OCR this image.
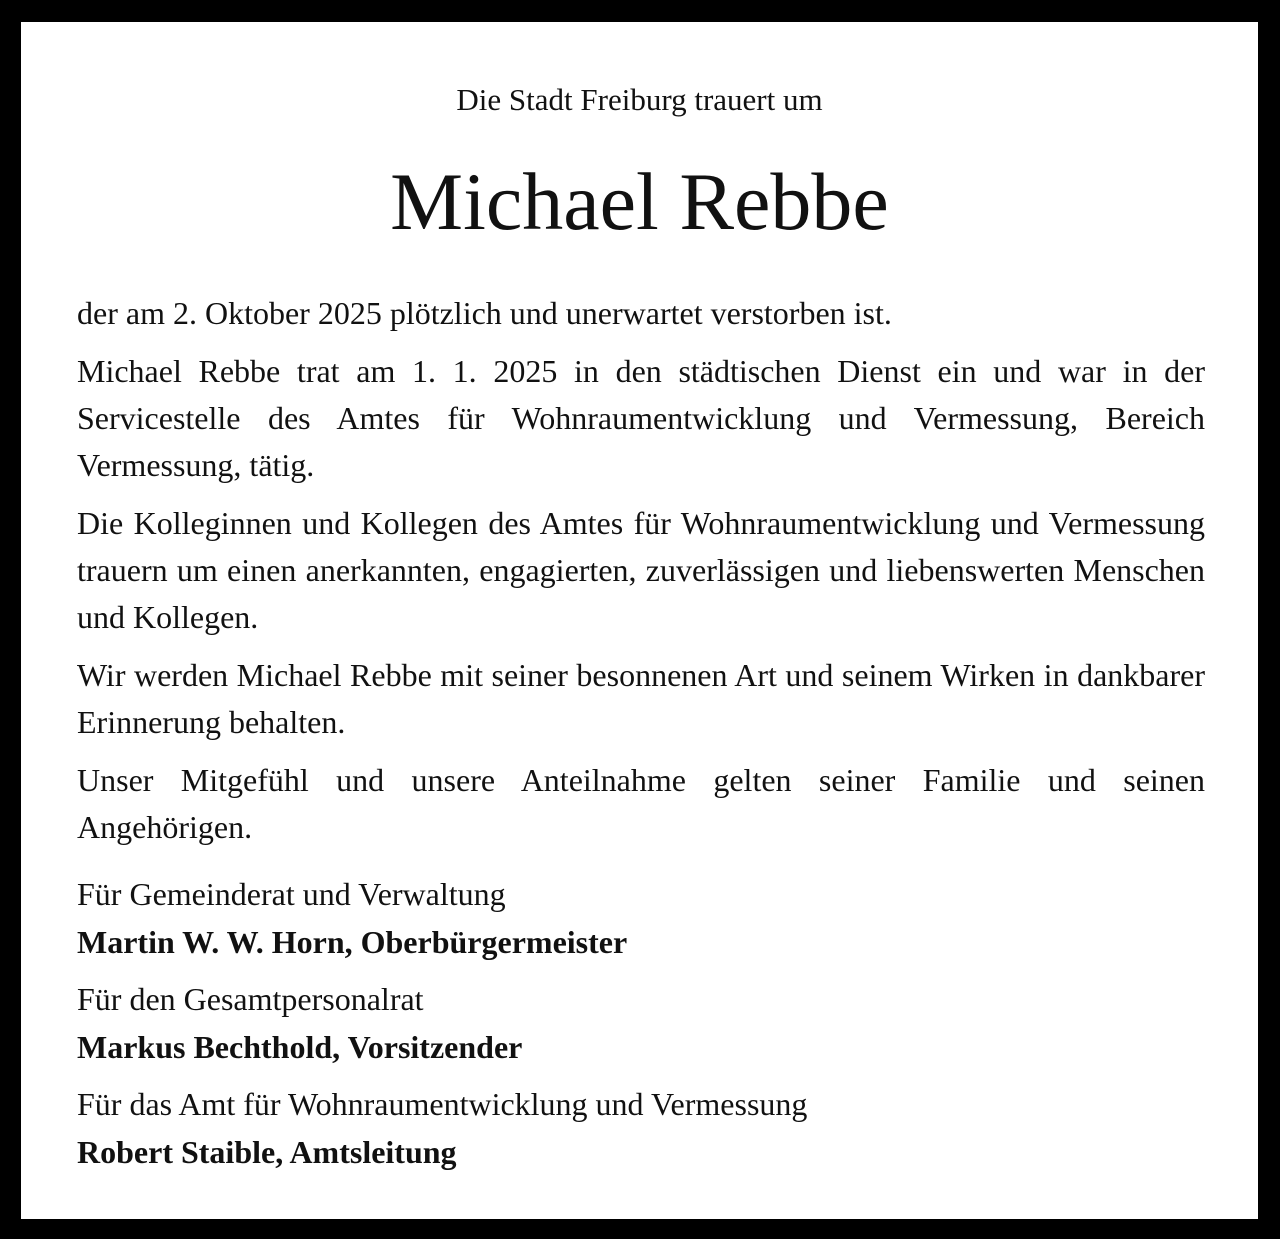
Die Stadt Freiburg trauert um
Michael Rebbe

der am 2. Oktober 2025 plötzlich und unerwartet verstorben ist.

Michael Rebbe trat am 1. 1. 2025 in den städtischen Dienst ein und war in der Servicestelle des Amtes für Wohnraumentwicklung und Vermessung, Bereich Vermessung, tätig.

Die Kolleginnen und Kollegen des Amtes für Wohnraumentwicklung und Vermessung trauern um einen anerkannten, engagierten, zuverlässigen und liebenswerten Menschen und Kollegen.

Wir werden Michael Rebbe mit seiner besonnenen Art und seinem Wirken in dankbarer Erinnerung behalten.

Unser Mitgefühl und unsere Anteilnahme gelten seiner Familie und seinen Angehörigen.

Für Gemeinderat und Verwaltung
Martin W. W. Horn, Oberbürgermeister
Für den Gesamtpersonalrat
Markus Bechthold, Vorsitzender
Für das Amt für Wohnraumentwicklung und Vermessung
Robert Staible, Amtsleitung
